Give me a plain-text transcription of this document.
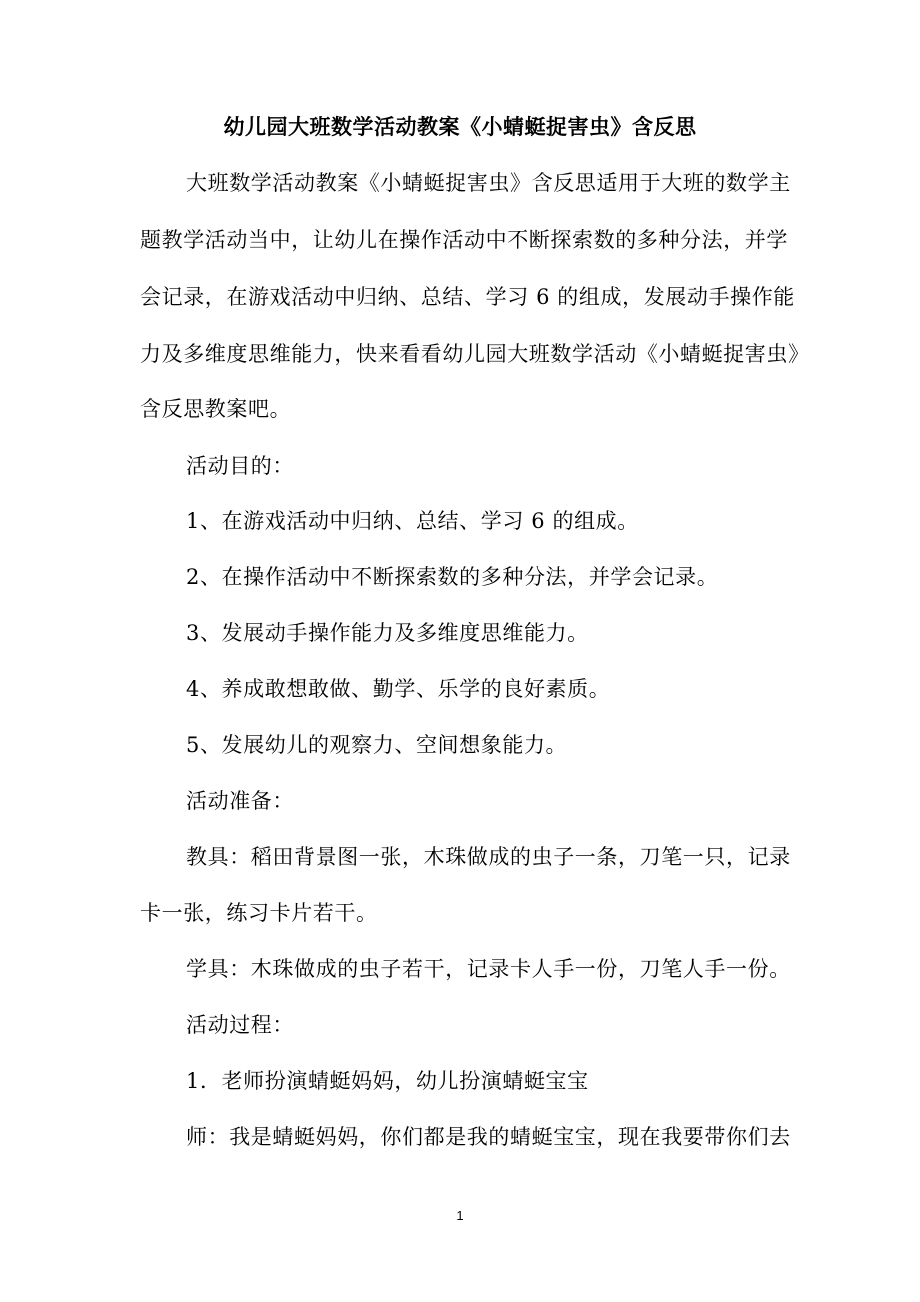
幼儿园大班数学活动教案《小蜻蜓捉害虫》含反思
大班数学活动教案《小蜻蜓捉害虫》含反思适用于大班的数学主
题教学活动当中，让幼儿在操作活动中不断探索数的多种分法，并学
会记录，在游戏活动中归纳、总结、学习 6 的组成，发展动手操作能
力及多维度思维能力，快来看看幼儿园大班数学活动《小蜻蜓捉害虫》
含反思教案吧。
活动目的：
1、在游戏活动中归纳、总结、学习 6 的组成。
2、在操作活动中不断探索数的多种分法，并学会记录。
3、发展动手操作能力及多维度思维能力。
4、养成敢想敢做、勤学、乐学的良好素质。
5、发展幼儿的观察力、空间想象能力。
活动准备：
教具：稻田背景图一张，木珠做成的虫子一条，刀笔一只，记录
卡一张，练习卡片若干。
学具：木珠做成的虫子若干，记录卡人手一份，刀笔人手一份。
活动过程：
1．老师扮演蜻蜓妈妈，幼儿扮演蜻蜓宝宝
师：我是蜻蜓妈妈，你们都是我的蜻蜓宝宝，现在我要带你们去
1
